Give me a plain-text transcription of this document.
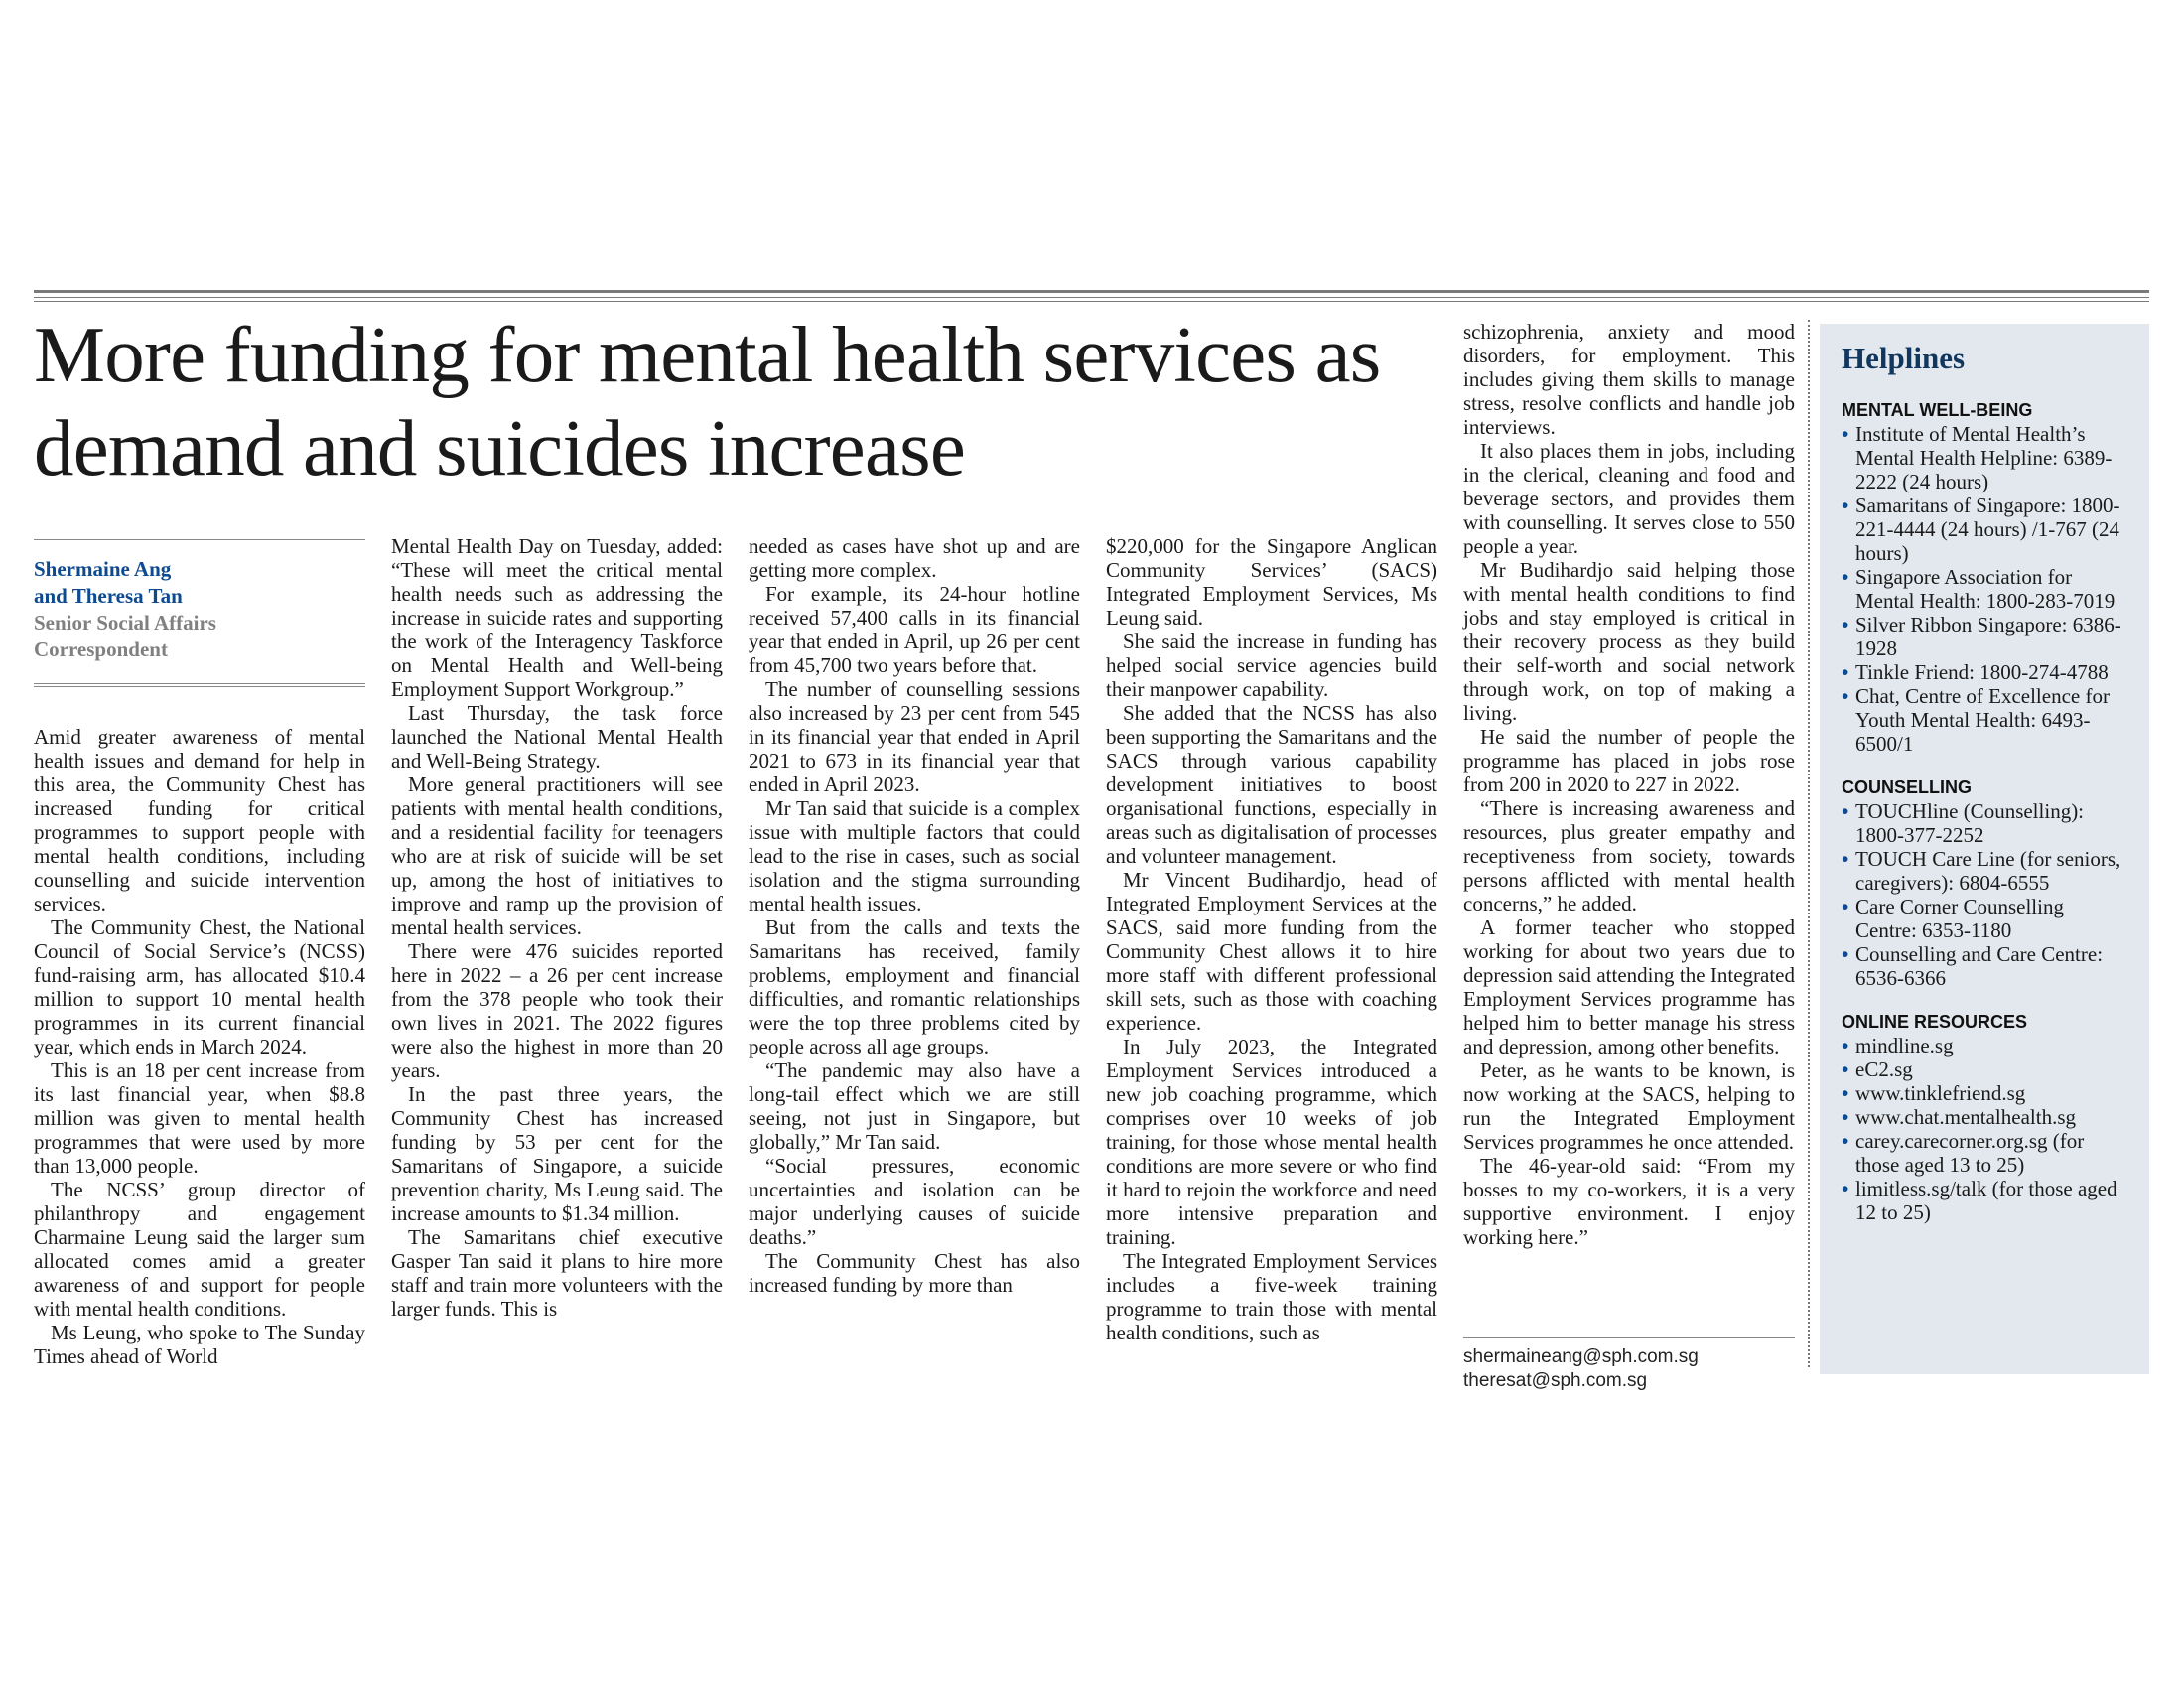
More funding for mental health services as demand and suicides increase
Shermaine Ang
and Theresa Tan
Senior Social Affairs
Correspondent

Amid greater awareness of mental health issues and demand for help in this area, the Community Chest has increased funding for critical programmes to support people with mental health conditions, including counselling and suicide intervention services.

The Community Chest, the National Council of Social Service’s (NCSS) fund-raising arm, has allocated $10.4 million to support 10 mental health programmes in its current financial year, which ends in March 2024.

This is an 18 per cent increase from its last financial year, when $8.8 million was given to mental health programmes that were used by more than 13,000 people.

The NCSS’ group director of philanthropy and engagement Charmaine Leung said the larger sum allocated comes amid a greater awareness of and support for people with mental health conditions.

Ms Leung, who spoke to The Sunday Times ahead of World

Mental Health Day on Tuesday, added: “These will meet the critical mental health needs such as addressing the increase in suicide rates and supporting the work of the Interagency Taskforce on Mental Health and Well-being Employment Support Workgroup.”

Last Thursday, the task force launched the National Mental Health and Well-Being Strategy.

More general practitioners will see patients with mental health conditions, and a residential facility for teenagers who are at risk of suicide will be set up, among the host of initiatives to improve and ramp up the provision of mental health services.

There were 476 suicides reported here in 2022 – a 26 per cent increase from the 378 people who took their own lives in 2021. The 2022 figures were also the highest in more than 20 years.

In the past three years, the Community Chest has increased funding by 53 per cent for the Samaritans of Singapore, a suicide prevention charity, Ms Leung said. The increase amounts to $1.34 million.

The Samaritans chief executive Gasper Tan said it plans to hire more staff and train more volunteers with the larger funds. This is

needed as cases have shot up and are getting more complex.

For example, its 24-hour hotline received 57,400 calls in its financial year that ended in April, up 26 per cent from 45,700 two years before that.

The number of counselling sessions also increased by 23 per cent from 545 in its financial year that ended in April 2021 to 673 in its financial year that ended in April 2023.

Mr Tan said that suicide is a complex issue with multiple factors that could lead to the rise in cases, such as social isolation and the stigma surrounding mental health issues.

But from the calls and texts the Samaritans has received, family problems, employment and financial difficulties, and romantic relationships were the top three problems cited by people across all age groups.

“The pandemic may also have a long-tail effect which we are still seeing, not just in Singapore, but globally,” Mr Tan said.

“Social pressures, economic uncertainties and isolation can be major underlying causes of suicide deaths.”

The Community Chest has also increased funding by more than

$220,000 for the Singapore Anglican Community Services’ (SACS) Integrated Employment Services, Ms Leung said.

She said the increase in funding has helped social service agencies build their manpower capability.

She added that the NCSS has also been supporting the Samaritans and the SACS through various capability development initiatives to boost organisational functions, especially in areas such as digitalisation of processes and volunteer management.

Mr Vincent Budihardjo, head of Integrated Employment Services at the SACS, said more funding from the Community Chest allows it to hire more staff with different professional skill sets, such as those with coaching experience.

In July 2023, the Integrated Employment Services introduced a new job coaching programme, which comprises over 10 weeks of job training, for those whose mental health conditions are more severe or who find it hard to rejoin the workforce and need more intensive preparation and training.

The Integrated Employment Services includes a five-week training programme to train those with mental health conditions, such as

schizophrenia, anxiety and mood disorders, for employment. This includes giving them skills to manage stress, resolve conflicts and handle job interviews.

It also places them in jobs, including in the clerical, cleaning and food and beverage sectors, and provides them with counselling. It serves close to 550 people a year.

Mr Budihardjo said helping those with mental health conditions to find jobs and stay employed is critical in their recovery process as they build their self-worth and social network through work, on top of making a living.

He said the number of people the programme has placed in jobs rose from 200 in 2020 to 227 in 2022.

“There is increasing awareness and resources, plus greater empathy and receptiveness from society, towards persons afflicted with mental health concerns,” he added.

A former teacher who stopped working for about two years due to depression said attending the Integrated Employment Services programme has helped him to better manage his stress and depression, among other benefits.

Peter, as he wants to be known, is now working at the SACS, helping to run the Integrated Employment Services programmes he once attended.

The 46-year-old said: “From my bosses to my co-workers, it is a very supportive environment. I enjoy working here.”

shermaineang@sph.com.sg
theresat@sph.com.sg
Helplines
MENTAL WELL-BEING
• Institute of Mental Health’s Mental Health Helpline: 6389-2222 (24 hours)
• Samaritans of Singapore: 1800-221-4444 (24 hours) /1-767 (24 hours)
• Singapore Association for Mental Health: 1800-283-7019
• Silver Ribbon Singapore: 6386-1928
• Tinkle Friend: 1800-274-4788
• Chat, Centre of Excellence for Youth Mental Health: 6493-6500/1
COUNSELLING
• TOUCHline (Counselling): 1800-377-2252
• TOUCH Care Line (for seniors, caregivers): 6804-6555
• Care Corner Counselling Centre: 6353-1180
• Counselling and Care Centre: 6536-6366
ONLINE RESOURCES
• mindline.sg
• eC2.sg
• www.tinklefriend.sg
• www.chat.mentalhealth.sg
• carey.carecorner.org.sg (for those aged 13 to 25)
• limitless.sg/talk (for those aged 12 to 25)
